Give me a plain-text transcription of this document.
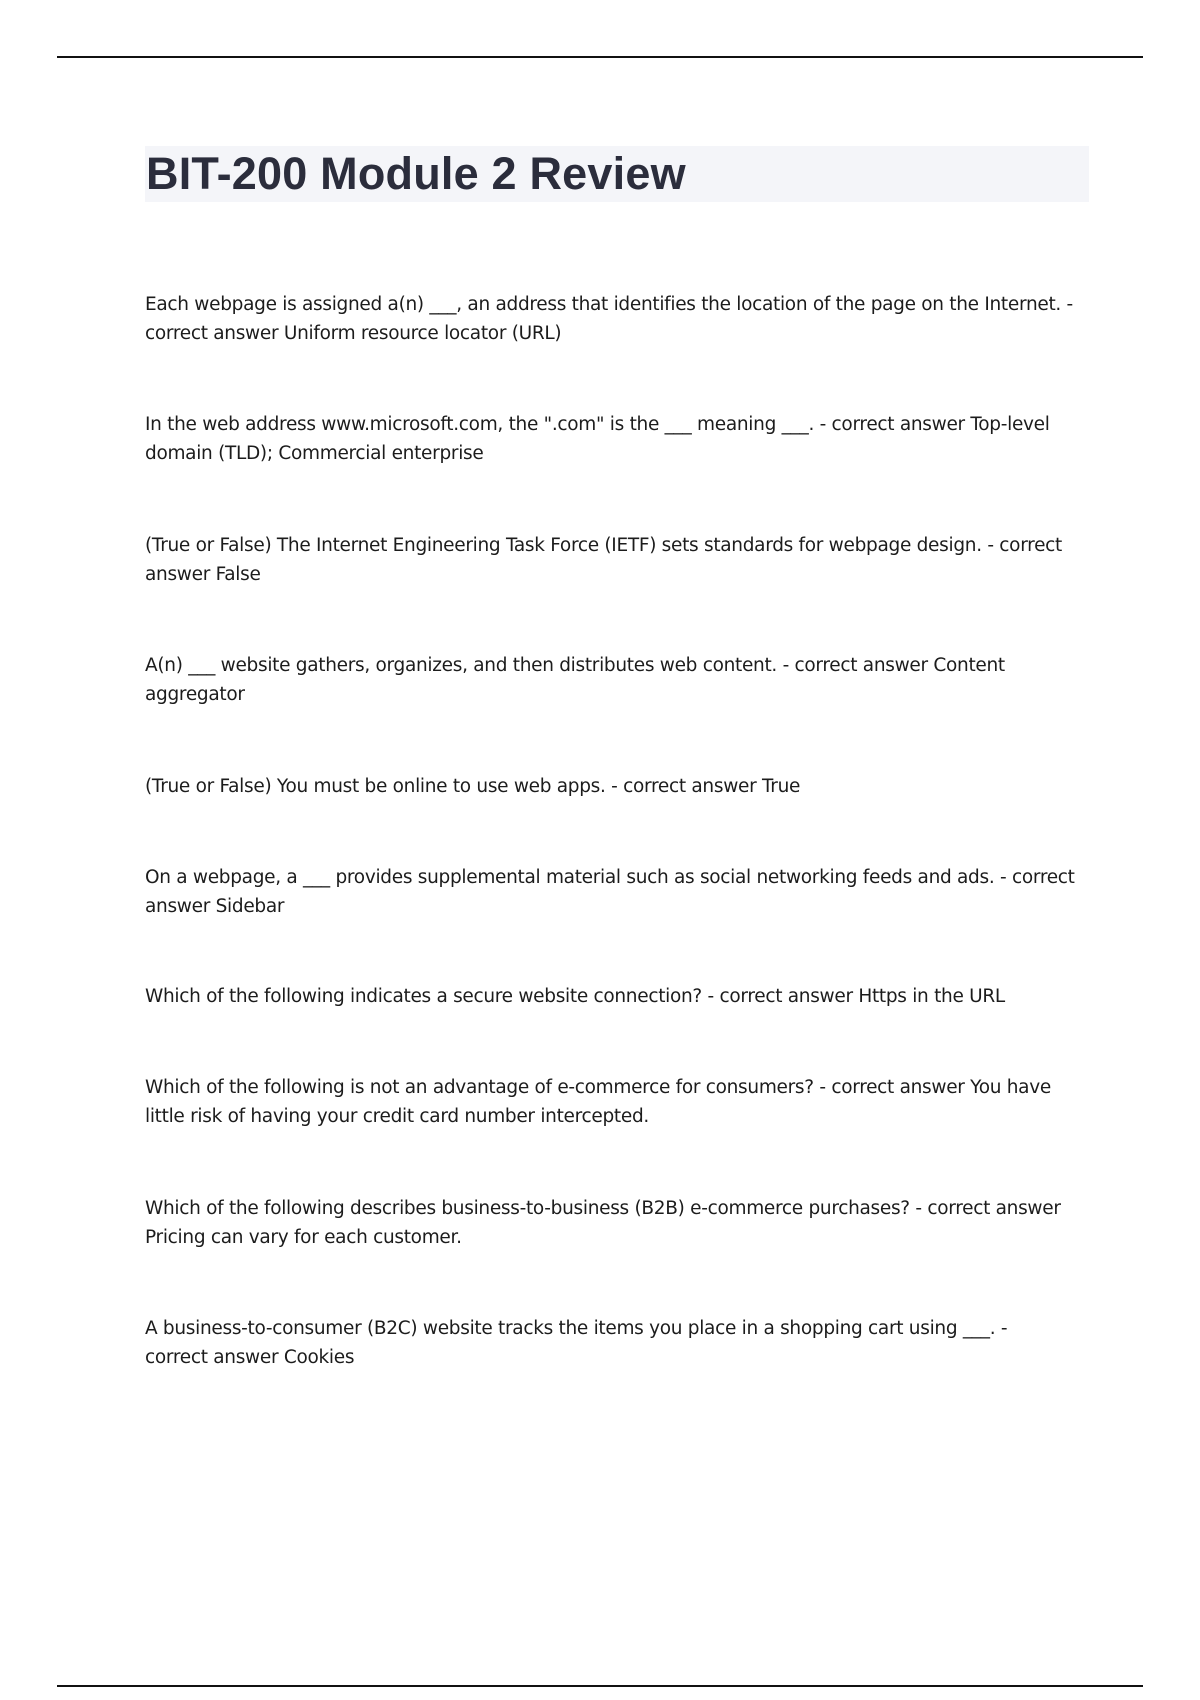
BIT-200 Module 2 Review

Each webpage is assigned a(n) ___, an address that identifies the location of the page on the Internet. - correct answer Uniform resource locator (URL)

In the web address www.microsoft.com, the ".com" is the ___ meaning ___. - correct answer Top-level domain (TLD); Commercial enterprise

(True or False) The Internet Engineering Task Force (IETF) sets standards for webpage design. - correct answer False

A(n) ___ website gathers, organizes, and then distributes web content. - correct answer Content aggregator

(True or False) You must be online to use web apps. - correct answer True

On a webpage, a ___ provides supplemental material such as social networking feeds and ads. - correct answer Sidebar

Which of the following indicates a secure website connection? - correct answer Https in the URL

Which of the following is not an advantage of e-commerce for consumers? - correct answer You have little risk of having your credit card number intercepted.

Which of the following describes business-to-business (B2B) e-commerce purchases? - correct answer Pricing can vary for each customer.

A business-to-consumer (B2C) website tracks the items you place in a shopping cart using ___. - correct answer Cookies
